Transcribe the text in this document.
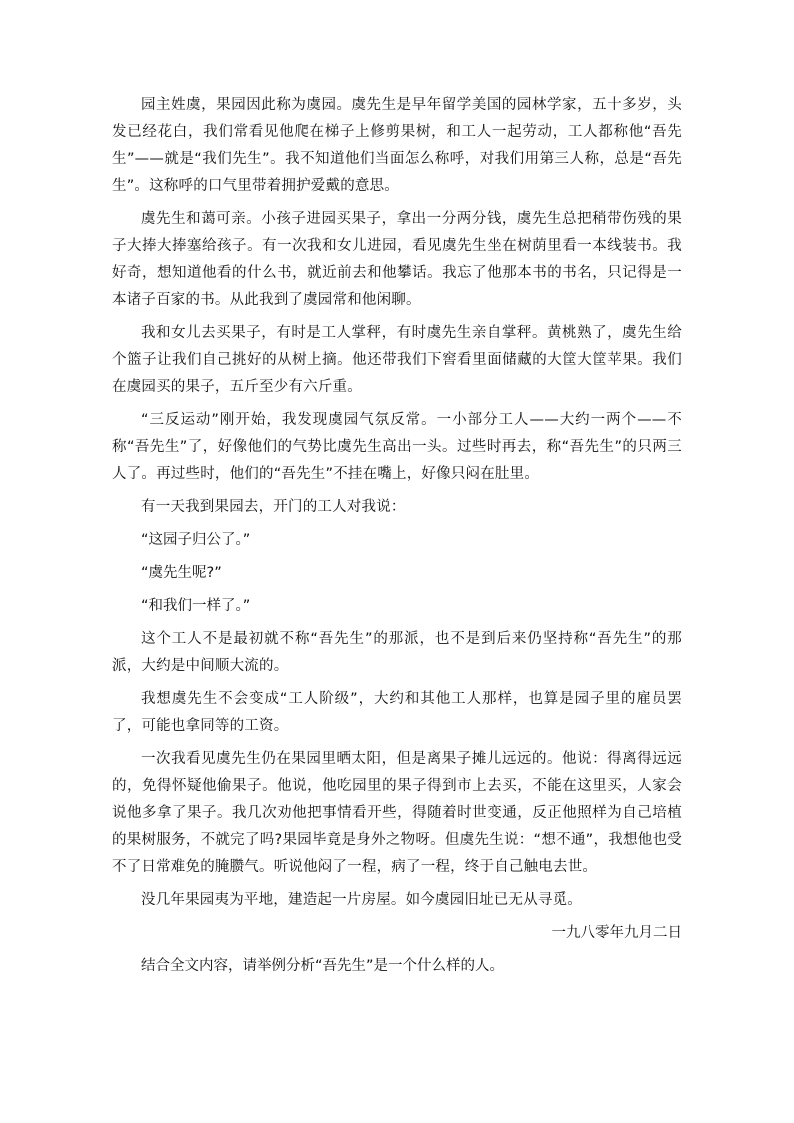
园主姓虞，果园因此称为虞园。虞先生是早年留学美国的园林学家，五十多岁，头发已经花白，我们常看见他爬在梯子上修剪果树，和工人一起劳动，工人都称他“吾先生”——就是“我们先生”。我不知道他们当面怎么称呼，对我们用第三人称，总是“吾先生”。这称呼的口气里带着拥护爱戴的意思。

虞先生和蔼可亲。小孩子进园买果子，拿出一分两分钱，虞先生总把稍带伤残的果子大捧大捧塞给孩子。有一次我和女儿进园，看见虞先生坐在树荫里看一本线装书。我好奇，想知道他看的什么书，就近前去和他攀话。我忘了他那本书的书名，只记得是一本诸子百家的书。从此我到了虞园常和他闲聊。

我和女儿去买果子，有时是工人掌秤，有时虞先生亲自掌秤。黄桃熟了，虞先生给个篮子让我们自己挑好的从树上摘。他还带我们下窖看里面储藏的大筐大筐苹果。我们在虞园买的果子，五斤至少有六斤重。

“三反运动”刚开始，我发现虞园气氛反常。一小部分工人——大约一两个——不称“吾先生”了，好像他们的气势比虞先生高出一头。过些时再去，称“吾先生”的只两三人了。再过些时，他们的“吾先生”不挂在嘴上，好像只闷在肚里。

有一天我到果园去，开门的工人对我说：

“这园子归公了。”

“虞先生呢?”

“和我们一样了。”

这个工人不是最初就不称“吾先生”的那派，也不是到后来仍坚持称“吾先生”的那派，大约是中间顺大流的。

我想虞先生不会变成“工人阶级”，大约和其他工人那样，也算是园子里的雇员罢了，可能也拿同等的工资。

一次我看见虞先生仍在果园里晒太阳，但是离果子摊儿远远的。他说：得离得远远的，免得怀疑他偷果子。他说，他吃园里的果子得到市上去买，不能在这里买，人家会说他多拿了果子。我几次劝他把事情看开些，得随着时世变通，反正他照样为自己培植的果树服务，不就完了吗?果园毕竟是身外之物呀。但虞先生说：“想不通”，我想他也受不了日常难免的腌臜气。听说他闷了一程，病了一程，终于自己触电去世。

没几年果园夷为平地，建造起一片房屋。如今虞园旧址已无从寻觅。

一九八零年九月二日

结合全文内容，请举例分析“吾先生”是一个什么样的人。
